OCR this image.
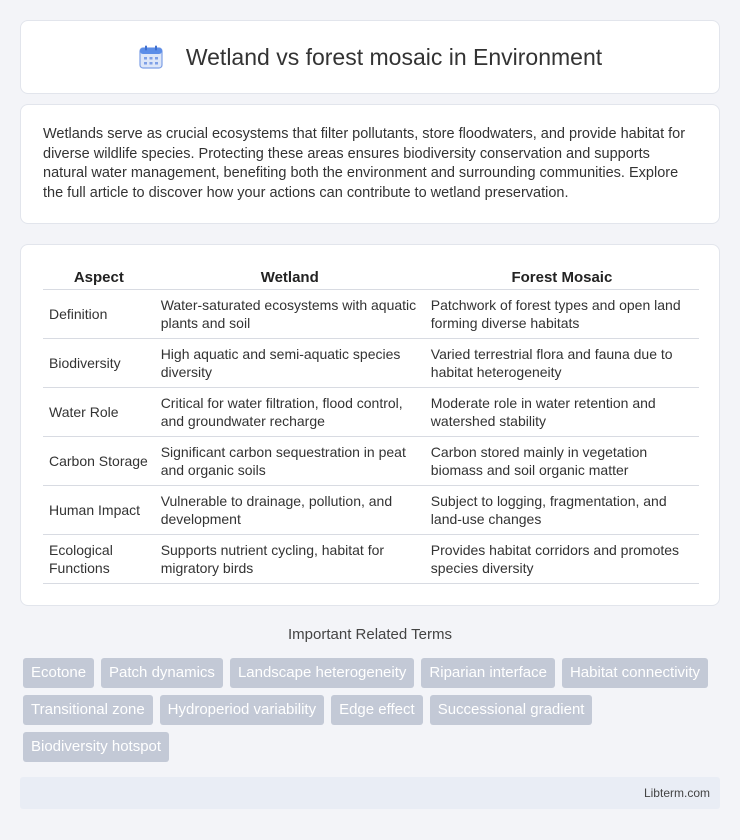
Wetland vs forest mosaic in Environment

Wetlands serve as crucial ecosystems that filter pollutants, store floodwaters, and provide habitat for diverse wildlife species. Protecting these areas ensures biodiversity conservation and supports natural water management, benefiting both the environment and surrounding communities. Explore the full article to discover how your actions can contribute to wetland preservation.

Aspect	Wetland	Forest Mosaic
Definition	Water-saturated ecosystems with aquatic plants and soil	Patchwork of forest types and open land forming diverse habitats
Biodiversity	High aquatic and semi-aquatic species diversity	Varied terrestrial flora and fauna due to habitat heterogeneity
Water Role	Critical for water filtration, flood control, and groundwater recharge	Moderate role in water retention and watershed stability
Carbon Storage	Significant carbon sequestration in peat and organic soils	Carbon stored mainly in vegetation biomass and soil organic matter
Human Impact	Vulnerable to drainage, pollution, and development	Subject to logging, fragmentation, and land-use changes
Ecological Functions	Supports nutrient cycling, habitat for migratory birds	Provides habitat corridors and promotes species diversity
Important Related Terms
Ecotone	Patch dynamics	Landscape heterogeneity	Riparian interface	Habitat connectivity
Transitional zone	Hydroperiod variability	Edge effect	Successional gradient
Biodiversity hotspot
Libterm.com
